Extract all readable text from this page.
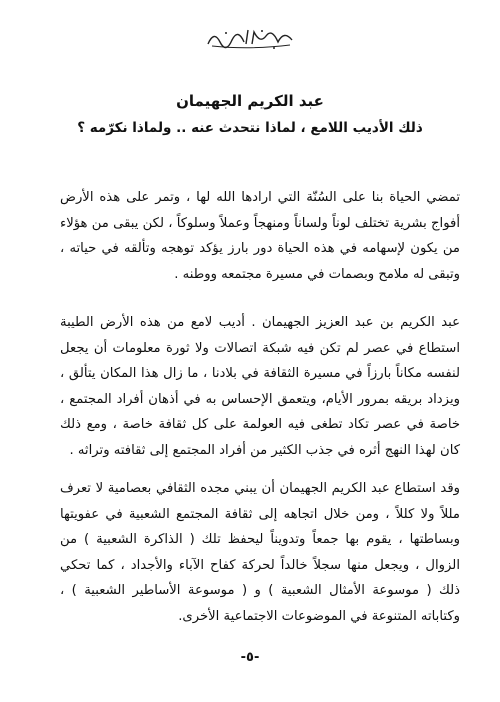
عبد الكريم الجهيمان
ذلك الأديب اللامع ، لماذا نتحدث عنه .. ولماذا نكرّمه ؟

تمضي الحياة بنا على السُنّة التي ارادها الله لها ، وتمر على هذه الأرض أفواج بشرية تختلف لوناً ولساناً ومنهجاً وعملاً وسلوكاً ، لكن يبقى من هؤلاء من يكون لإسهامه في هذه الحياة دور بارز يؤكد توهجه وتألقه في حياته ، وتبقى له ملامح وبصمات في مسيرة مجتمعه ووطنه .

عبد الكريم بن عبد العزيز الجهيمان . أديب لامع من هذه الأرض الطيبة استطاع في عصر لم تكن فيه شبكة اتصالات ولا ثورة معلومات أن يجعل لنفسه مكاناً بارزاً في مسيرة الثقافة في بلادنا ، ما زال هذا المكان يتألق ، ويزداد بريقه بمرور الأيام، ويتعمق الإحساس به في أذهان أفراد المجتمع ، خاصة في عصر تكاد تطغى فيه العولمة على كل ثقافة خاصة ، ومع ذلك كان لهذا النهج أثره في جذب الكثير من أفراد المجتمع إلى ثقافته وتراثه .

وقد استطاع عبد الكريم الجهيمان أن يبني مجده الثقافي بعصامية لا تعرف مللاً ولا كللاً ، ومن خلال اتجاهه إلى ثقافة المجتمع الشعبية في عفويتها وبساطتها ، يقوم بها جمعاً وتدويناً ليحفظ تلك ( الذاكرة الشعبية ) من الزوال ، ويجعل منها سجلاً خالداً لحركة كفاح الآباء والأجداد ، كما تحكي ذلك ( موسوعة الأمثال الشعبية ) و ( موسوعة الأساطير الشعبية ) ، وكتاباته المتنوعة في الموضوعات الاجتماعية الأخرى.

-٥-
